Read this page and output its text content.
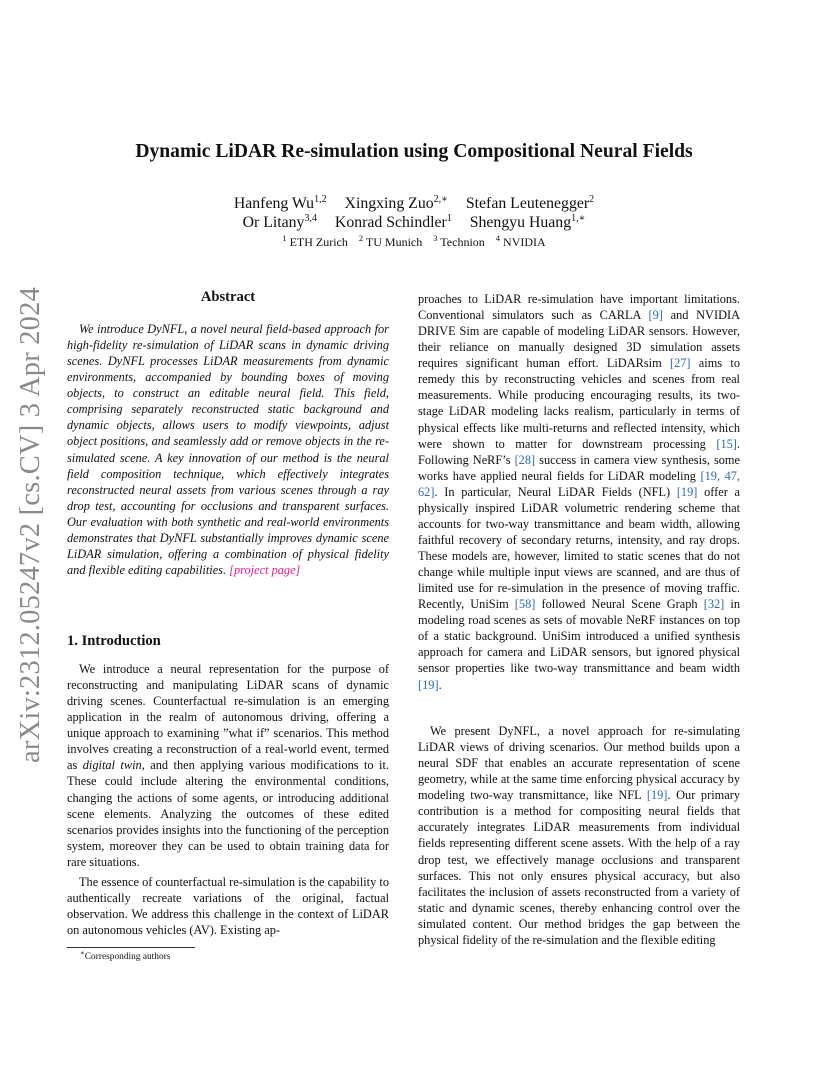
arXiv:2312.05247v2 [cs.CV] 3 Apr 2024
Dynamic LiDAR Re-simulation using Compositional Neural Fields
Hanfeng Wu$^{1,2}$ Xingxing Zuo$^{2,∗}$ Stefan Leutenegger$^2$
Or Litany$^{3,4}$ Konrad Schindler$^1$ Shengyu Huang$^{1,∗}$
$^1$ ETH Zurich $^2$ TU Munich $^3$ Technion $^4$ NVIDIA
Abstract

We introduce DyNFL, a novel neural field-based approach for high-fidelity re-simulation of LiDAR scans in dynamic driving scenes. DyNFL processes LiDAR measurements from dynamic environments, accompanied by bounding boxes of moving objects, to construct an editable neural field. This field, comprising separately reconstructed static background and dynamic objects, allows users to modify viewpoints, adjust object positions, and seamlessly add or remove objects in the re-simulated scene. A key innovation of our method is the neural field composition technique, which effectively integrates reconstructed neural assets from various scenes through a ray drop test, accounting for occlusions and transparent surfaces. Our evaluation with both synthetic and real-world environments demonstrates that DyNFL substantially improves dynamic scene LiDAR simulation, offering a combination of physical fidelity and flexible editing capabilities. [project page]

1. Introduction

We introduce a neural representation for the purpose of reconstructing and manipulating LiDAR scans of dynamic driving scenes. Counterfactual re-simulation is an emerging application in the realm of autonomous driving, offering a unique approach to examining ”what if” scenarios. This method involves creating a reconstruction of a real-world event, termed as digital twin, and then applying various modifications to it. These could include altering the environmental conditions, changing the actions of some agents, or introducing additional scene elements. Analyzing the outcomes of these edited scenarios provides insights into the functioning of the perception system, moreover they can be used to obtain training data for rare situations.

The essence of counterfactual re-simulation is the capability to authentically recreate variations of the original, factual observation. We address this challenge in the context of LiDAR on autonomous vehicles (AV). Existing ap-

proaches to LiDAR re-simulation have important limitations. Conventional simulators such as CARLA [9] and NVIDIA DRIVE Sim are capable of modeling LiDAR sensors. However, their reliance on manually designed 3D simulation assets requires significant human effort. LiDARsim [27] aims to remedy this by reconstructing vehicles and scenes from real measurements. While producing encouraging results, its two-stage LiDAR modeling lacks realism, particularly in terms of physical effects like multi-returns and reflected intensity, which were shown to matter for downstream processing [15]. Following NeRF’s [28] success in camera view synthesis, some works have applied neural fields for LiDAR modeling [19, 47, 62]. In particular, Neural LiDAR Fields (NFL) [19] offer a physically inspired LiDAR volumetric rendering scheme that accounts for two-way transmittance and beam width, allowing faithful recovery of secondary returns, intensity, and ray drops. These models are, however, limited to static scenes that do not change while multiple input views are scanned, and are thus of limited use for re-simulation in the presence of moving traffic. Recently, UniSim [58] followed Neural Scene Graph [32] in modeling road scenes as sets of movable NeRF instances on top of a static background. UniSim introduced a unified synthesis approach for camera and LiDAR sensors, but ignored physical sensor properties like two-way transmittance and beam width [19].

We present DyNFL, a novel approach for re-simulating LiDAR views of driving scenarios. Our method builds upon a neural SDF that enables an accurate representation of scene geometry, while at the same time enforcing physical accuracy by modeling two-way transmittance, like NFL [19]. Our primary contribution is a method for compositing neural fields that accurately integrates LiDAR measurements from individual fields representing different scene assets. With the help of a ray drop test, we effectively manage occlusions and transparent surfaces. This not only ensures physical accuracy, but also facilitates the inclusion of assets reconstructed from a variety of static and dynamic scenes, thereby enhancing control over the simulated content. Our method bridges the gap between the physical fidelity of the re-simulation and the flexible editing

∗Corresponding authors
